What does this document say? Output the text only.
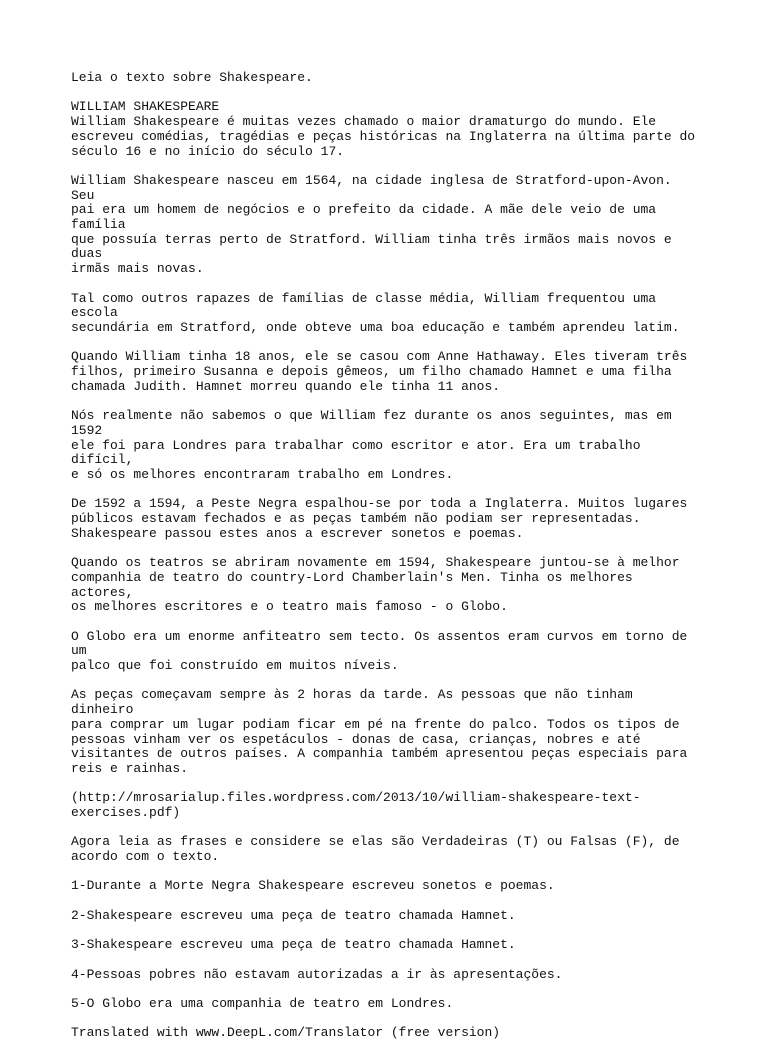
Leia o texto sobre Shakespeare.

WILLIAM SHAKESPEARE
William Shakespeare é muitas vezes chamado o maior dramaturgo do mundo. Ele
escreveu comédias, tragédias e peças históricas na Inglaterra na última parte do
século 16 e no início do século 17.

William Shakespeare nasceu em 1564, na cidade inglesa de Stratford-upon-Avon. Seu
pai era um homem de negócios e o prefeito da cidade. A mãe dele veio de uma família
que possuía terras perto de Stratford. William tinha três irmãos mais novos e duas
irmãs mais novas.

Tal como outros rapazes de famílias de classe média, William frequentou uma escola
secundária em Stratford, onde obteve uma boa educação e também aprendeu latim.

Quando William tinha 18 anos, ele se casou com Anne Hathaway. Eles tiveram três
filhos, primeiro Susanna e depois gêmeos, um filho chamado Hamnet e uma filha
chamada Judith. Hamnet morreu quando ele tinha 11 anos.

Nós realmente não sabemos o que William fez durante os anos seguintes, mas em 1592
ele foi para Londres para trabalhar como escritor e ator. Era um trabalho difícil,
e só os melhores encontraram trabalho em Londres.

De 1592 a 1594, a Peste Negra espalhou-se por toda a Inglaterra. Muitos lugares
públicos estavam fechados e as peças também não podiam ser representadas.
Shakespeare passou estes anos a escrever sonetos e poemas.

Quando os teatros se abriram novamente em 1594, Shakespeare juntou-se à melhor
companhia de teatro do country-Lord Chamberlain's Men. Tinha os melhores actores,
os melhores escritores e o teatro mais famoso - o Globo.

O Globo era um enorme anfiteatro sem tecto. Os assentos eram curvos em torno de um
palco que foi construído em muitos níveis.

As peças começavam sempre às 2 horas da tarde. As pessoas que não tinham dinheiro
para comprar um lugar podiam ficar em pé na frente do palco. Todos os tipos de
pessoas vinham ver os espetáculos - donas de casa, crianças, nobres e até
visitantes de outros países. A companhia também apresentou peças especiais para
reis e rainhas.

(http://mrosarialup.files.wordpress.com/2013/10/william-shakespeare-text-
exercises.pdf)

Agora leia as frases e considere se elas são Verdadeiras (T) ou Falsas (F), de
acordo com o texto.

1-Durante a Morte Negra Shakespeare escreveu sonetos e poemas.

2-Shakespeare escreveu uma peça de teatro chamada Hamnet.

3-Shakespeare escreveu uma peça de teatro chamada Hamnet.

4-Pessoas pobres não estavam autorizadas a ir às apresentações.

5-O Globo era uma companhia de teatro em Londres.

Translated with www.DeepL.com/Translator (free version)
